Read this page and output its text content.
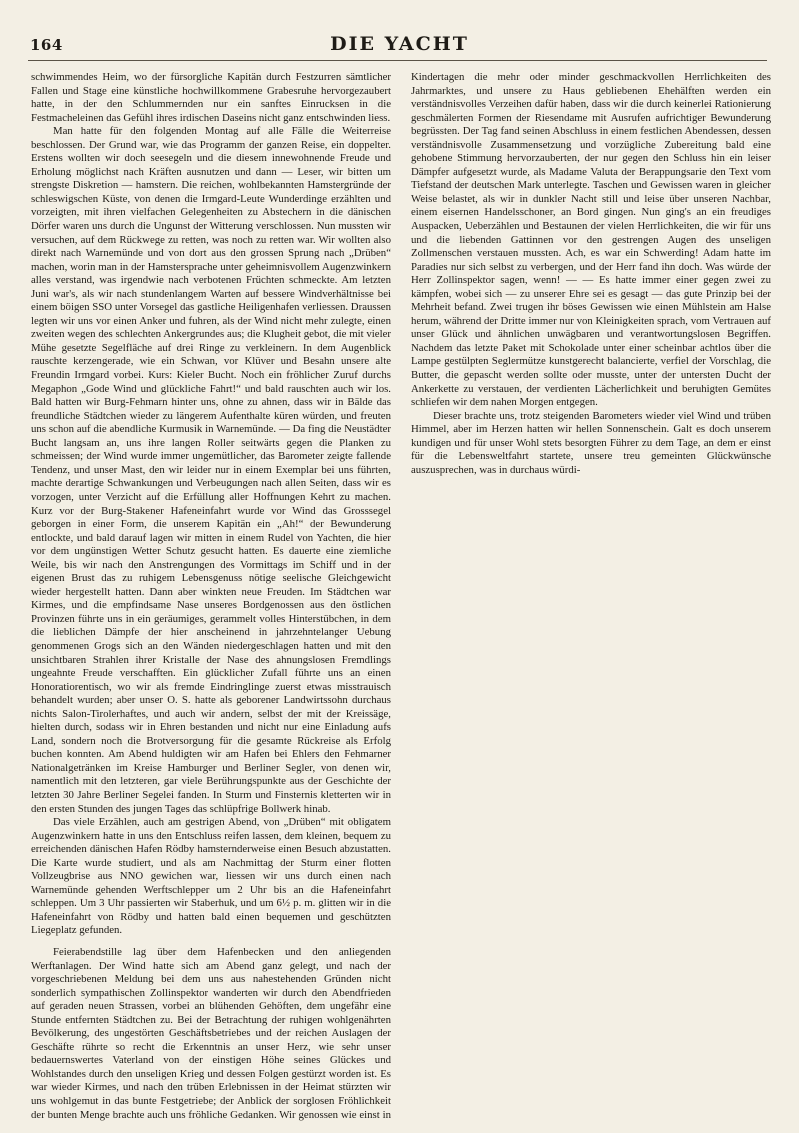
164	DIE YACHT

schwimmendes Heim, wo der fürsorgliche Kapitän durch Festzurren sämtlicher Fallen und Stage eine künstliche hochwillkommene Grabesruhe hervorgezaubert hatte, in der den Schlummernden nur ein sanftes Einrucksen in die Festmacheleinen das Gefühl ihres irdischen Daseins nicht ganz entschwinden liess.

Man hatte für den folgenden Montag auf alle Fälle die Weiterreise beschlossen. Der Grund war, wie das Programm der ganzen Reise, ein doppelter. Erstens wollten wir doch seesegeln und die diesem innewohnende Freude und Erholung möglichst nach Kräften ausnutzen und dann — Leser, wir bitten um strengste Diskretion — hamstern. Die reichen, wohlbekannten Hamstergründe der schleswigschen Küste, von denen die Irmgard-Leute Wunderdinge erzählten und vorzeigten, mit ihren vielfachen Gelegenheiten zu Abstechern in die dänischen Dörfer waren uns durch die Ungunst der Witterung verschlossen. Nun mussten wir versuchen, auf dem Rückwege zu retten, was noch zu retten war. Wir wollten also direkt nach Warnemünde und von dort aus den grossen Sprung nach „Drüben“ machen, worin man in der Hamstersprache unter geheimnisvollem Augenzwinkern alles verstand, was irgendwie nach verbotenen Früchten schmeckte. Am letzten Juni war's, als wir nach stundenlangem Warten auf bessere Windverhältnisse bei einem böigen SSO unter Vorsegel das gastliche Heiligenhafen verliessen. Draussen legten wir uns vor einen Anker und fuhren, als der Wind nicht mehr zulegte, einen zweiten wegen des schlechten Ankergrundes aus; die Klugheit gebot, die mit vieler Mühe gesetzte Segelfläche auf drei Ringe zu verkleinern. In dem Augenblick rauschte kerzengerade, wie ein Schwan, vor Klüver und Besahn unsere alte Freundin Irmgard vorbei. Kurs: Kieler Bucht. Noch ein fröhlicher Zuruf durchs Megaphon „Gode Wind und glückliche Fahrt!“ und bald rauschten auch wir los. Bald hatten wir Burg-Fehmarn hinter uns, ohne zu ahnen, dass wir in Bälde das freundliche Städtchen wieder zu längerem Aufenthalte küren würden, und freuten uns schon auf die abendliche Kurmusik in Warnemünde. — Da fing die Neustädter Bucht langsam an, uns ihre langen Roller seitwärts gegen die Planken zu schmeissen; der Wind wurde immer ungemütlicher, das Barometer zeigte fallende Tendenz, und unser Mast, den wir leider nur in einem Exemplar bei uns führten, machte derartige Schwankungen und Verbeugungen nach allen Seiten, dass wir es vorzogen, unter Verzicht auf die Erfüllung aller Hoffnungen Kehrt zu machen. Kurz vor der Burg-Stakener Hafeneinfahrt wurde vor Wind das Grosssegel geborgen in einer Form, die unserem Kapitän ein „Ah!“ der Bewunderung entlockte, und bald darauf lagen wir mitten in einem Rudel von Yachten, die hier vor dem ungünstigen Wetter Schutz gesucht hatten. Es dauerte eine ziemliche Weile, bis wir nach den Anstrengungen des Vormittags im Schiff und in der eigenen Brust das zu ruhigem Lebensgenuss nötige seelische Gleichgewicht wieder hergestellt hatten. Dann aber winkten neue Freuden. Im Städtchen war Kirmes, und die empfindsame Nase unseres Bordgenossen aus den östlichen Provinzen führte uns in ein geräumiges, gerammelt volles Hinterstübchen, in dem die lieblichen Dämpfe der hier anscheinend in jahrzehntelanger Uebung genommenen Grogs sich an den Wänden niedergeschlagen hatten und mit den unsichtbaren Strahlen ihrer Kristalle der Nase des ahnungslosen Fremdlings ungeahnte Freude verschafften. Ein glücklicher Zufall führte uns an einen Honoratiorentisch, wo wir als fremde Eindringlinge zuerst etwas misstrauisch behandelt wurden; aber unser O. S. hatte als geborener Landwirtssohn durchaus nichts Salon-Tirolerhaftes, und auch wir andern, selbst der mit der Kreissäge, hielten durch, sodass wir in Ehren bestanden und nicht nur eine Einladung aufs Land, sondern noch die Brotversorgung für die gesamte Rückreise als Erfolg buchen konnten. Am Abend huldigten wir am Hafen bei Ehlers den Fehmarner Nationalgetränken im Kreise Hamburger und Berliner Segler, von denen wir, namentlich mit den letzteren, gar viele Berührungspunkte aus der Geschichte der letzten 30 Jahre Berliner Segelei fanden. In Sturm und Finsternis kletterten wir in den ersten Stunden des jungen Tages das schlüpfrige Bollwerk hinab.

Das viele Erzählen, auch am gestrigen Abend, von „Drüben“ mit obligatem Augenzwinkern hatte in uns den Entschluss reifen lassen, dem kleinen, bequem zu erreichenden dänischen Hafen Rödby hamsternderweise einen Besuch abzustatten. Die Karte wurde studiert, und als am Nachmittag der Sturm einer flotten Vollzeugbrise aus NNO gewichen war, liessen wir uns durch einen nach Warnemünde gehenden Werftschlepper um 2 Uhr bis an die Hafeneinfahrt schleppen. Um 3 Uhr passierten wir Staberhuk, und um 6½ p. m. glitten wir in die Hafeneinfahrt von Rödby und hatten bald einen bequemen und geschützten Liegeplatz gefunden.

Feierabendstille lag über dem Hafenbecken und den anliegenden Werftanlagen. Der Wind hatte sich am Abend ganz gelegt, und nach der vorgeschriebenen Meldung bei dem uns aus nahestehenden Gründen nicht sonderlich sympathischen Zollinspektor wanderten wir durch den Abendfrieden auf geraden neuen Strassen, vorbei an blühenden Gehöften, dem ungefähr eine Stunde entfernten Städtchen zu. Bei der Betrachtung der ruhigen wohlgenährten Bevölkerung, des ungestörten Geschäftsbetriebes und der reichen Auslagen der Geschäfte rührte so recht die Erkenntnis an unser Herz, wie sehr unser bedauernswertes Vaterland von der einstigen Höhe seines Glückes und Wohlstandes durch den unseligen Krieg und dessen Folgen gestürzt worden ist. Es war wieder Kirmes, und nach den trüben Erlebnissen in der Heimat stürzten wir uns wohlgemut in das bunte Festgetriebe; der Anblick der sorglosen Fröhlichkeit der bunten Menge brachte auch uns fröhliche Gedanken. Wir genossen wie einst in Kindertagen die mehr oder minder geschmackvollen Herrlichkeiten des Jahrmarktes, und unsere zu Haus gebliebenen Ehehälften werden ein verständnisvolles Verzeihen dafür haben, dass wir die durch keinerlei Rationierung geschmälerten Formen der Riesendame mit Ausrufen aufrichtiger Bewunderung begrüssten. Der Tag fand seinen Abschluss in einem festlichen Abendessen, dessen verständnisvolle Zusammensetzung und vorzügliche Zubereitung bald eine gehobene Stimmung hervorzauberten, der nur gegen den Schluss hin ein leiser Dämpfer aufgesetzt wurde, als Madame Valuta der Berappungsarie den Text vom Tiefstand der deutschen Mark unterlegte. Taschen und Gewissen waren in gleicher Weise belastet, als wir in dunkler Nacht still und leise über unseren Nachbar, einem eisernen Handelsschoner, an Bord gingen. Nun ging's an ein freudiges Auspacken, Ueberzählen und Bestaunen der vielen Herrlichkeiten, die wir für uns und die liebenden Gattinnen vor den gestrengen Augen des unseligen Zollmenschen verstauen mussten. Ach, es war ein Schwerding! Adam hatte im Paradies nur sich selbst zu verbergen, und der Herr fand ihn doch. Was würde der Herr Zollinspektor sagen, wenn! — — Es hatte immer einer gegen zwei zu kämpfen, wobei sich — zu unserer Ehre sei es gesagt — das gute Prinzip bei der Mehrheit befand. Zwei trugen ihr böses Gewissen wie einen Mühlstein am Halse herum, während der Dritte immer nur von Kleinigkeiten sprach, vom Vertrauen auf unser Glück und ähnlichen unwägbaren und verantwortungslosen Begriffen. Nachdem das letzte Paket mit Schokolade unter einer scheinbar achtlos über die Lampe gestülpten Seglermütze kunstgerecht balancierte, verfiel der Vorschlag, die Butter, die gepascht werden sollte oder musste, unter der untersten Ducht der Ankerkette zu verstauen, der verdienten Lächerlichkeit und beruhigten Gemütes schliefen wir dem nahen Morgen entgegen.

Dieser brachte uns, trotz steigenden Barometers wieder viel Wind und trüben Himmel, aber im Herzen hatten wir hellen Sonnenschein. Galt es doch unserem kundigen und für unser Wohl stets besorgten Führer zu dem Tage, an dem er einst für die Lebensweltfahrt startete, unsere treu gemeinten Glückwünsche auszusprechen, was in durchaus würdi-
